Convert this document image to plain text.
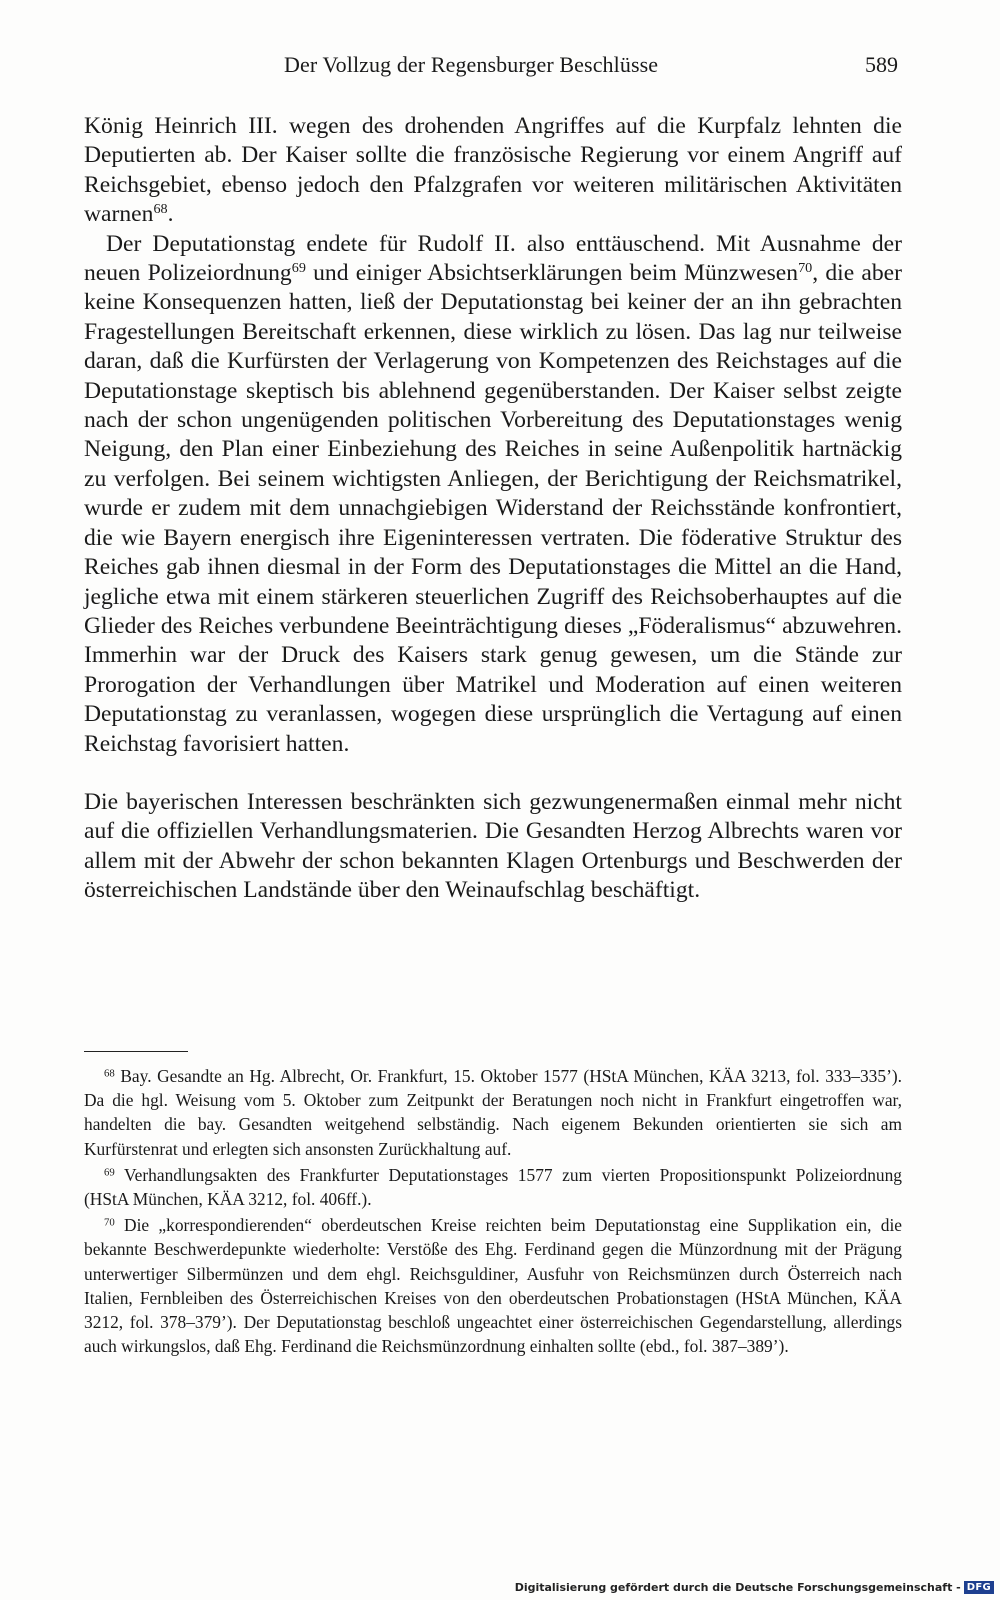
Der Vollzug der Regensburger Beschlüsse	589

König Heinrich III. wegen des drohenden Angriffes auf die Kurpfalz lehnten die Deputierten ab. Der Kaiser sollte die französische Regierung vor einem Angriff auf Reichsgebiet, ebenso jedoch den Pfalzgrafen vor weiteren militärischen Aktivitäten warnen$^{68}$.

Der Deputationstag endete für Rudolf II. also enttäuschend. Mit Ausnahme der neuen Polizeiordnung$^{69}$ und einiger Absichtserklärungen beim Münzwesen$^{70}$, die aber keine Konsequenzen hatten, ließ der Deputationstag bei keiner der an ihn gebrachten Fragestellungen Bereitschaft erkennen, diese wirklich zu lösen. Das lag nur teilweise daran, daß die Kurfürsten der Verlagerung von Kompetenzen des Reichstages auf die Deputationstage skeptisch bis ablehnend gegenüberstanden. Der Kaiser selbst zeigte nach der schon ungenügenden politischen Vorbereitung des Deputationstages wenig Neigung, den Plan einer Einbeziehung des Reiches in seine Außenpolitik hartnäckig zu verfolgen. Bei seinem wichtigsten Anliegen, der Berichtigung der Reichsmatrikel, wurde er zudem mit dem unnachgiebigen Widerstand der Reichsstände konfrontiert, die wie Bayern energisch ihre Eigeninteressen vertraten. Die föderative Struktur des Reiches gab ihnen diesmal in der Form des Deputationstages die Mittel an die Hand, jegliche etwa mit einem stärkeren steuerlichen Zugriff des Reichsoberhauptes auf die Glieder des Reiches verbundene Beeinträchtigung dieses „Föderalismus“ abzuwehren. Immerhin war der Druck des Kaisers stark genug gewesen, um die Stände zur Prorogation der Verhandlungen über Matrikel und Moderation auf einen weiteren Deputationstag zu veranlassen, wogegen diese ursprünglich die Vertagung auf einen Reichstag favorisiert hatten.

Die bayerischen Interessen beschränkten sich gezwungenermaßen einmal mehr nicht auf die offiziellen Verhandlungsmaterien. Die Gesandten Herzog Albrechts waren vor allem mit der Abwehr der schon bekannten Klagen Ortenburgs und Beschwerden der österreichischen Landstände über den Weinaufschlag beschäftigt.

$^{68}$ Bay. Gesandte an Hg. Albrecht, Or. Frankfurt, 15. Oktober 1577 (HStA München, KÄA 3213, fol. 333–335’). Da die hgl. Weisung vom 5. Oktober zum Zeitpunkt der Beratungen noch nicht in Frankfurt eingetroffen war, handelten die bay. Gesandten weitgehend selbständig. Nach eigenem Bekunden orientierten sie sich am Kurfürstenrat und erlegten sich ansonsten Zurückhaltung auf.

$^{69}$ Verhandlungsakten des Frankfurter Deputationstages 1577 zum vierten Propositionspunkt Polizeiordnung (HStA München, KÄA 3212, fol. 406ff.).

$^{70}$ Die „korrespondierenden“ oberdeutschen Kreise reichten beim Deputationstag eine Supplikation ein, die bekannte Beschwerdepunkte wiederholte: Verstöße des Ehg. Ferdinand gegen die Münzordnung mit der Prägung unterwertiger Silbermünzen und dem ehgl. Reichsguldiner, Ausfuhr von Reichsmünzen durch Österreich nach Italien, Fernbleiben des Österreichischen Kreises von den oberdeutschen Probationstagen (HStA München, KÄA 3212, fol. 378–379’). Der Deputationstag beschloß ungeachtet einer österreichischen Gegendarstellung, allerdings auch wirkungslos, daß Ehg. Ferdinand die Reichsmünzordnung einhalten sollte (ebd., fol. 387–389’).

Digitalisierung gefördert durch die Deutsche Forschungsgemeinschaft - DFG
